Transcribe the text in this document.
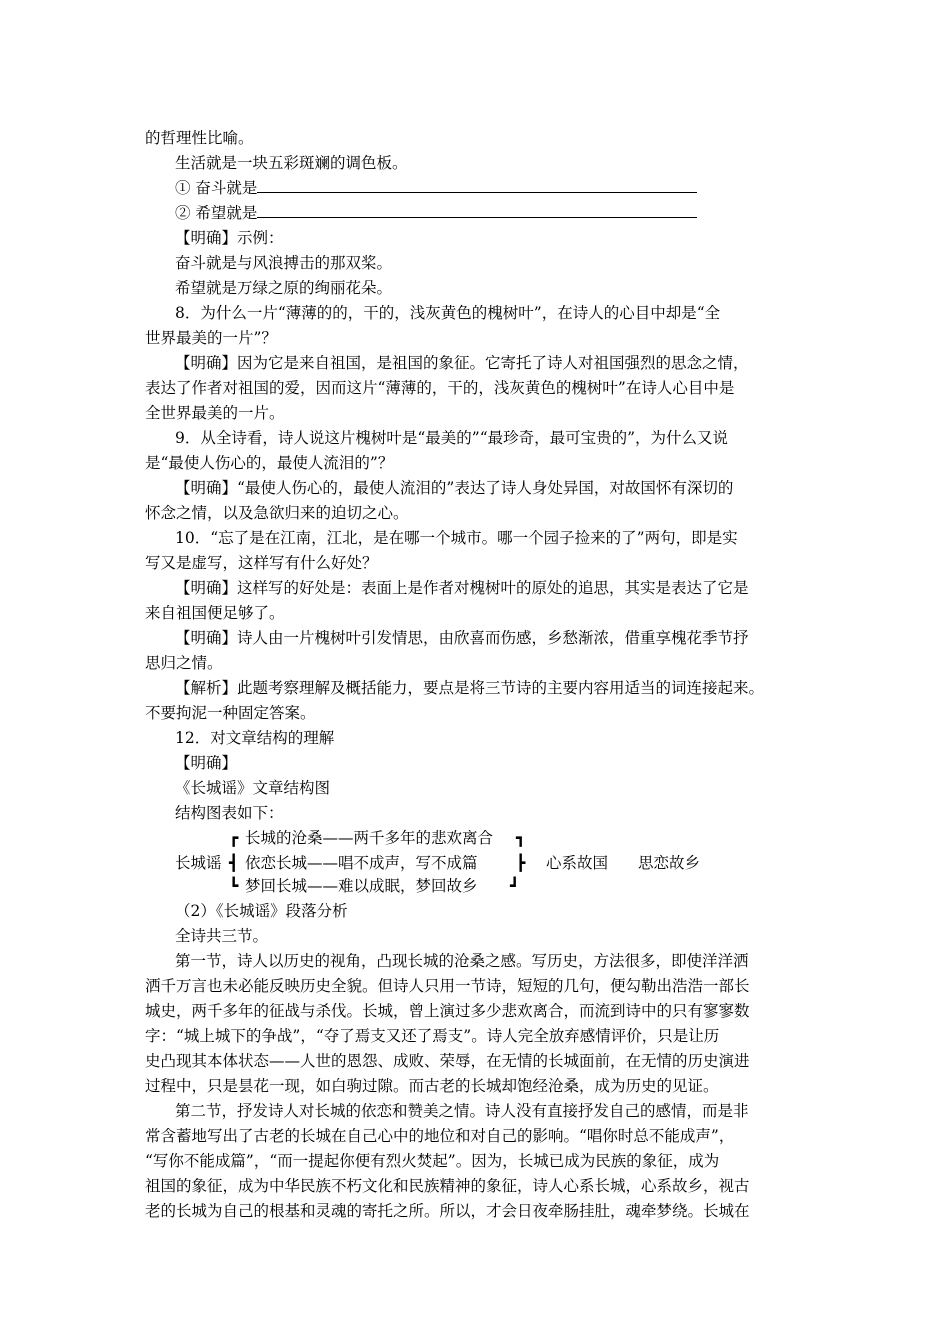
的哲理性比喻。
生活就是一块五彩斑斓的调色板。
① 奋斗就是
② 希望就是
【明确】示例：
奋斗就是与风浪搏击的那双桨。
希望就是万绿之原的绚丽花朵。
8．为什么一片“薄薄的的，干的，浅灰黄色的槐树叶”，在诗人的心目中却是“全
世界最美的一片”？
【明确】因为它是来自祖国，是祖国的象征。它寄托了诗人对祖国强烈的思念之情，
表达了作者对祖国的爱，因而这片“薄薄的，干的，浅灰黄色的槐树叶”在诗人心目中是
全世界最美的一片。
9．从全诗看，诗人说这片槐树叶是“最美的”“最珍奇，最可宝贵的”，为什么又说
是“最使人伤心的，最使人流泪的”？
【明确】“最使人伤心的，最使人流泪的”表达了诗人身处异国，对故国怀有深切的
怀念之情，以及急欲归来的迫切之心。
10．“忘了是在江南，江北，是在哪一个城市。哪一个园子捡来的了”两句，即是实
写又是虚写，这样写有什么好处？
【明确】这样写的好处是：表面上是作者对槐树叶的原处的追思，其实是表达了它是
来自祖国便足够了。
【明确】诗人由一片槐树叶引发情思，由欣喜而伤感，乡愁渐浓，借重享槐花季节抒
思归之情。
【解析】此题考察理解及概括能力，要点是将三节诗的主要内容用适当的词连接起来。
不要拘泥一种固定答案。
12．对文章结构的理解
【明确】
《长城谣》文章结构图
结构图表如下：
┏ 长城的沧桑——两千多年的悲欢离合 ┓
长城谣 ┫ 依恋长城——唱不成声，写不成篇 ┣ 心系故国 思恋故乡
┗ 梦回长城——难以成眠，梦回故乡 ┛
（2）《长城谣》段落分析
全诗共三节。
第一节，诗人以历史的视角，凸现长城的沧桑之感。写历史，方法很多，即使洋洋洒
洒千万言也未必能反映历史全貌。但诗人只用一节诗，短短的几句，便勾勒出浩浩一部长
城史，两千多年的征战与杀伐。长城，曾上演过多少悲欢离合，而流到诗中的只有寥寥数
字：“城上城下的争战”，“夺了焉支又还了焉支”。诗人完全放弃感情评价，只是让历
史凸现其本体状态——人世的恩怨、成败、荣辱，在无情的长城面前，在无情的历史演进
过程中，只是昙花一现，如白驹过隙。而古老的长城却饱经沧桑，成为历史的见证。
第二节，抒发诗人对长城的依恋和赞美之情。诗人没有直接抒发自己的感情，而是非
常含蓄地写出了古老的长城在自己心中的地位和对自己的影响。“唱你时总不能成声”，
“写你不能成篇”，“而一提起你便有烈火焚起”。因为，长城已成为民族的象征，成为
祖国的象征，成为中华民族不朽文化和民族精神的象征，诗人心系长城，心系故乡，视古
老的长城为自己的根基和灵魂的寄托之所。所以，才会日夜牵肠挂肚，魂牵梦绕。长城在
